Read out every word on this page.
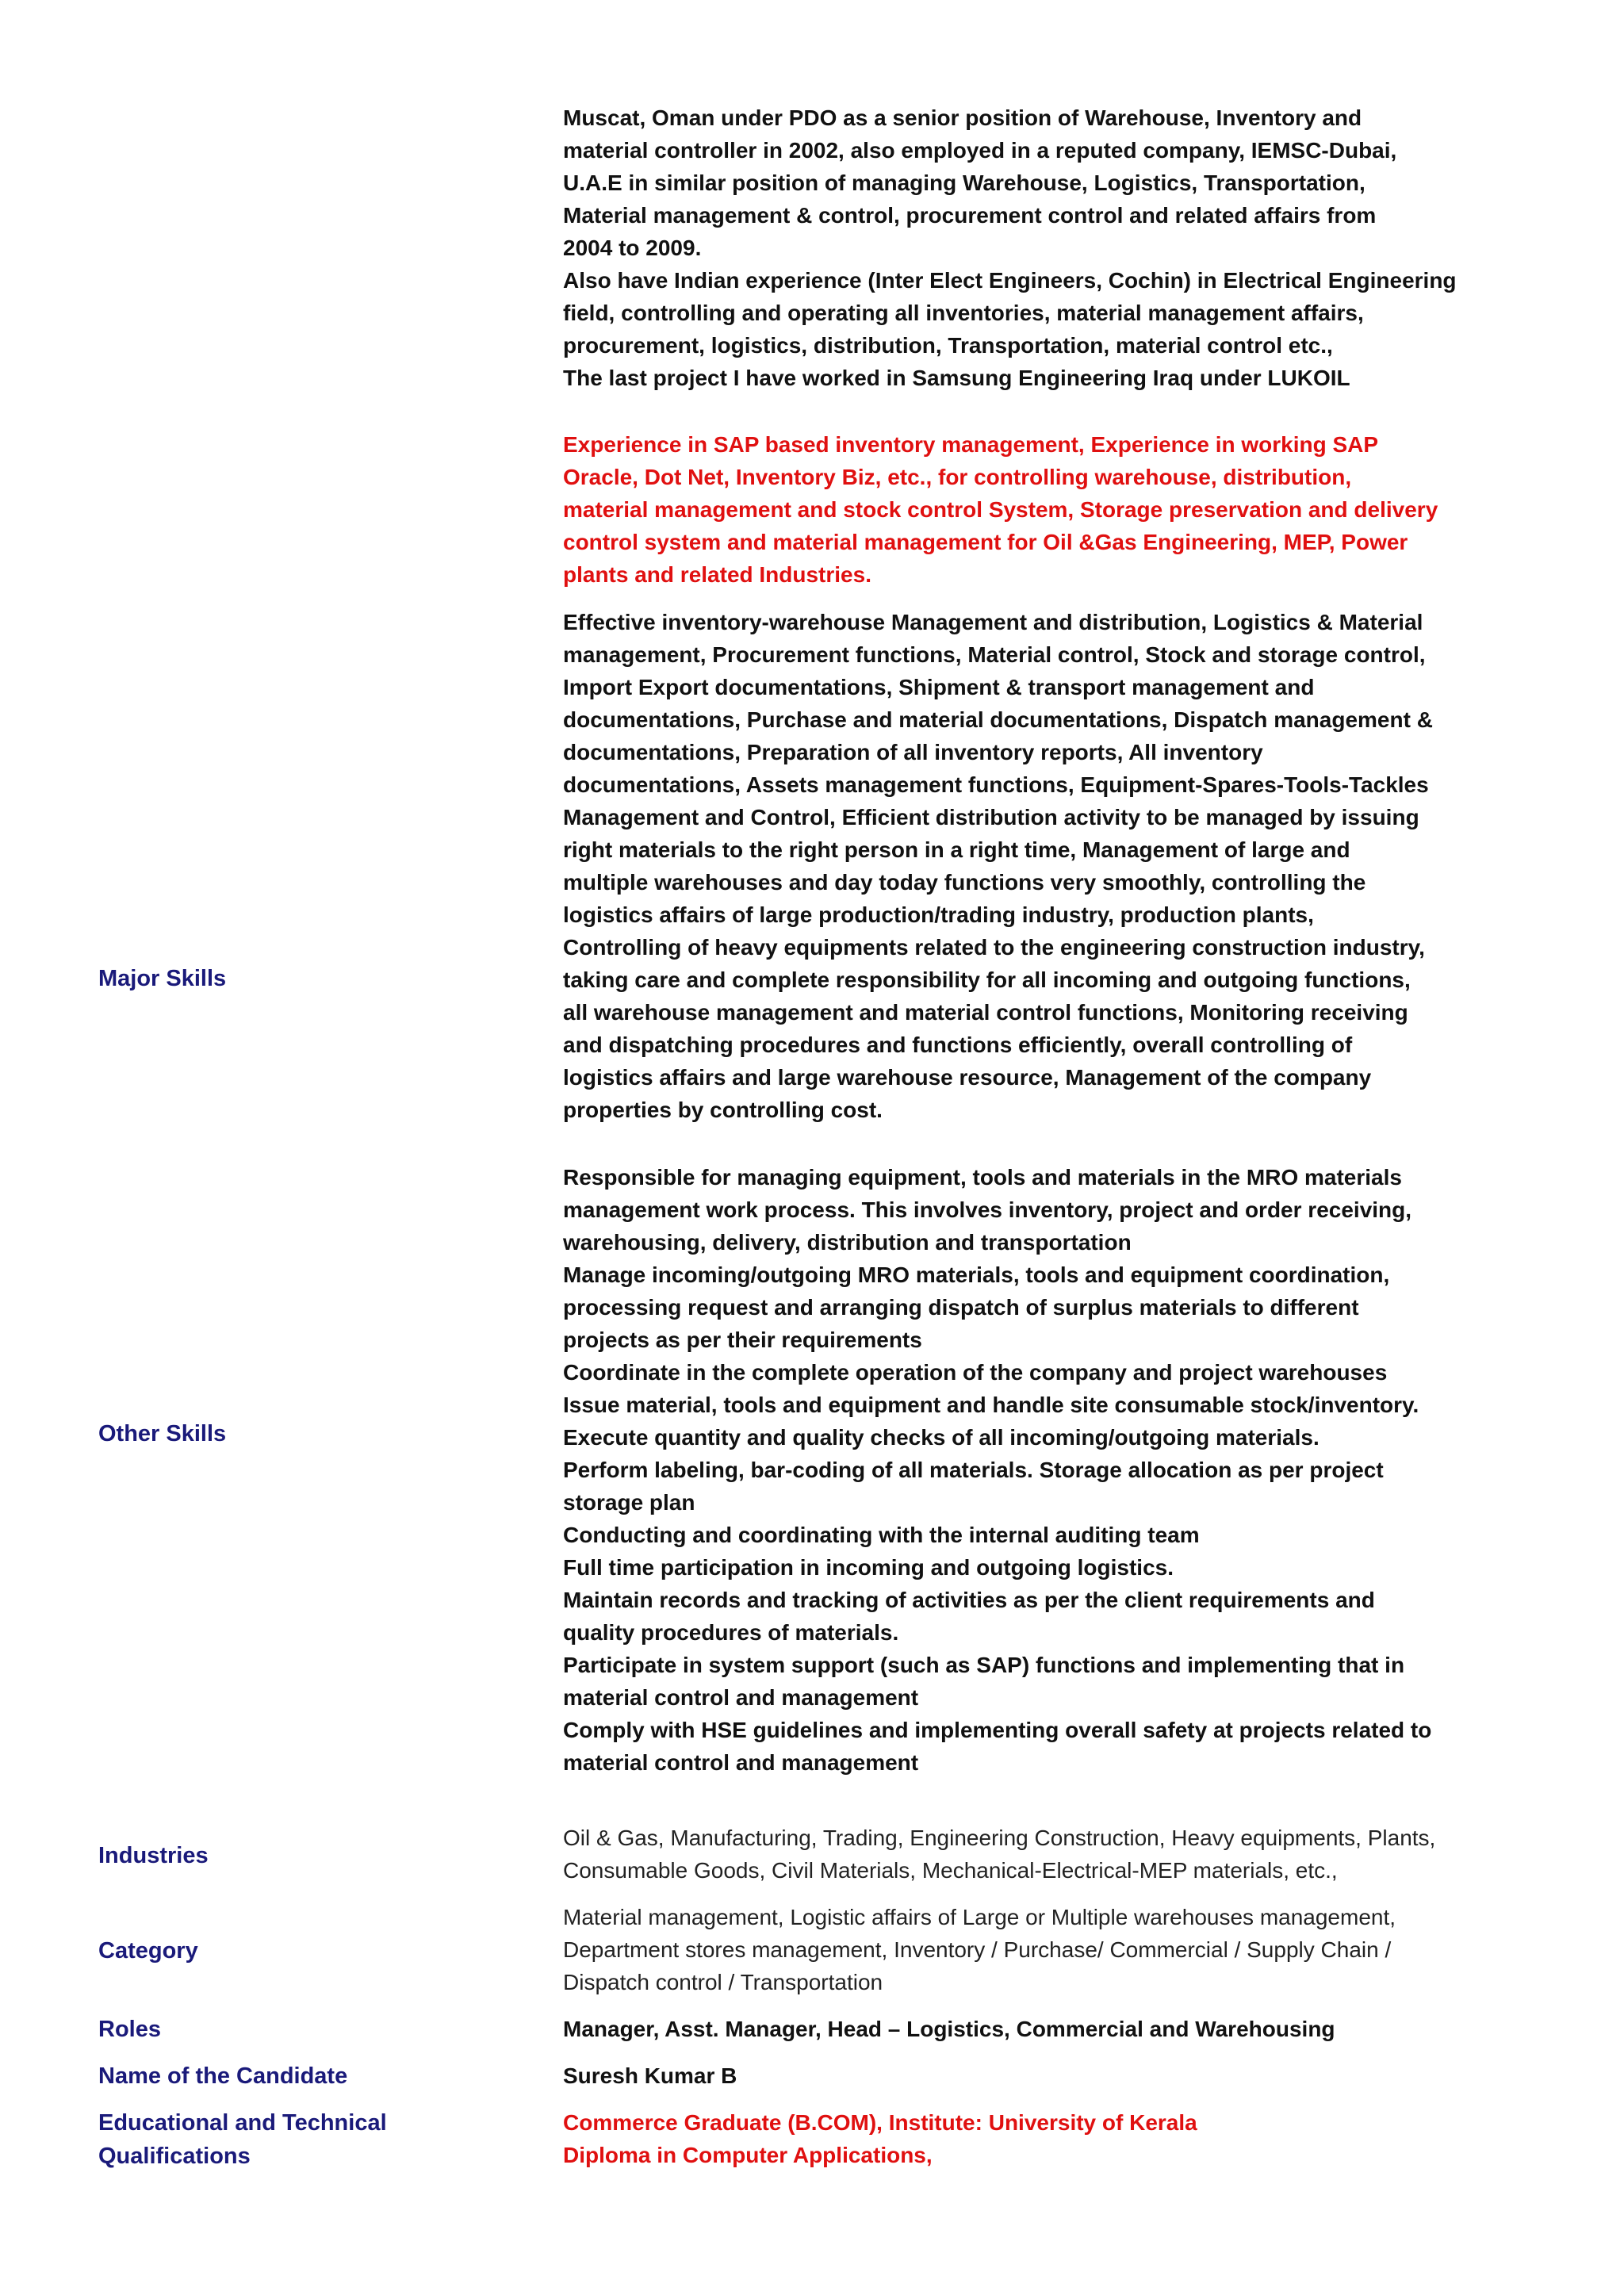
Muscat, Oman under PDO as a senior position of Warehouse, Inventory and
material controller in 2002, also employed in a reputed company, IEMSC-Dubai,
U.A.E in similar position of managing Warehouse, Logistics, Transportation,
Material management & control, procurement control and related affairs from
2004 to 2009.
Also have Indian experience (Inter Elect Engineers, Cochin) in Electrical Engineering
field, controlling and operating all inventories, material management affairs,
procurement, logistics, distribution, Transportation, material control etc.,
The last project I have worked in Samsung Engineering Iraq under LUKOIL
Experience in SAP based inventory management, Experience in working SAP
Oracle, Dot Net, Inventory Biz, etc., for controlling warehouse, distribution,
material management and stock control System, Storage preservation and delivery
control system and material management for Oil &Gas Engineering, MEP, Power
plants and related Industries.
Major Skills
Effective inventory-warehouse Management and distribution, Logistics & Material
management, Procurement functions, Material control, Stock and storage control,
Import Export documentations, Shipment & transport management and
documentations, Purchase and material documentations, Dispatch management &
documentations, Preparation of all inventory reports, All inventory
documentations, Assets management functions, Equipment-Spares-Tools-Tackles
Management and Control, Efficient distribution activity to be managed by issuing
right materials to the right person in a right time, Management of large and
multiple warehouses and day today functions very smoothly, controlling the
logistics affairs of large production/trading industry, production plants,
Controlling of heavy equipments related to the engineering construction industry,
taking care and complete responsibility for all incoming and outgoing functions,
all warehouse management and material control functions, Monitoring receiving
and dispatching procedures and functions efficiently, overall controlling of
logistics affairs and large warehouse resource, Management of the company
properties by controlling cost.
Other Skills
Responsible for managing equipment, tools and materials in the MRO materials
management work process. This involves inventory, project and order receiving,
warehousing, delivery, distribution and transportation
Manage incoming/outgoing MRO materials, tools and equipment coordination,
processing request and arranging dispatch of surplus materials to different
projects as per their requirements
Coordinate in the complete operation of the company and project warehouses
Issue material, tools and equipment and handle site consumable stock/inventory.
Execute quantity and quality checks of all incoming/outgoing materials.
Perform labeling, bar-coding of all materials. Storage allocation as per project
storage plan
Conducting and coordinating with the internal auditing team
Full time participation in incoming and outgoing logistics.
Maintain records and tracking of activities as per the client requirements and
quality procedures of materials.
Participate in system support (such as SAP) functions and implementing that in
material control and management
Comply with HSE guidelines and implementing overall safety at projects related to
material control and management
Industries
Oil & Gas, Manufacturing, Trading, Engineering Construction, Heavy equipments, Plants,
Consumable Goods, Civil Materials, Mechanical-Electrical-MEP materials, etc.,
Category
Material management, Logistic affairs of Large or Multiple warehouses management,
Department stores management, Inventory / Purchase/ Commercial / Supply Chain /
Dispatch control / Transportation
Roles	Manager, Asst. Manager, Head – Logistics, Commercial and Warehousing
Name of the Candidate	Suresh Kumar B
Educational and Technical
Qualifications
Commerce Graduate (B.COM), Institute: University of Kerala
Diploma in Computer Applications,
